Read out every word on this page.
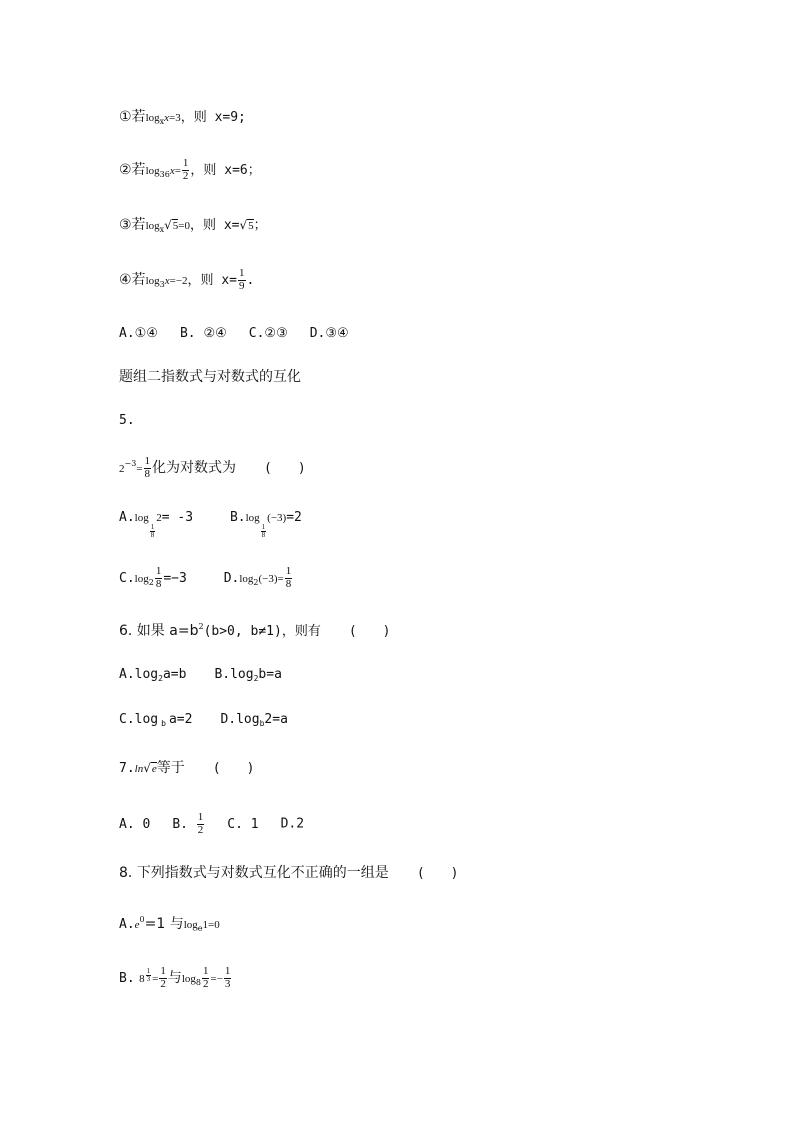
①若$\log_xx=3$，则 x=9;
②若$\log_{36}x= \frac{1}{2}$ ，则 x=6；
③若$\log_x√5=0$，则 x=√5；
④若$\log_3x=-2$，则 $x= \frac{1}{9}$ .
A.①④ B. ②④ C.②③ D.③④
题组二指数式与对数式的互化
5.
$2^{-3}= \frac{1}{8}$ 化为对数式为 (　　)
A.log
$\frac{1}{8}$
2= -3	B.log
$\frac{1}{8}$
(−3)=2
$C.\log_2 \frac{1}{8} =-3$	$D.\log_2(-3)= \frac{1}{8}$
6. 如果 $a=b^2(b>0$, b≠1)，则有 (　　)
$A.\log_2a=b$ $B.\log_2b=a$
C.log $_b$ a=2 $D.\log_b2=a$
7.ln√e等于 (　　)
A. 0 B. $\frac{1}{2} C$. 1 D.2
8. 下列指数式与对数式互化不正确的一组是 (　　)
$A.e^0=1$ 与$\log_e1=0$
B. $8 \frac{1}{3} = \frac{1}{2}$ 与$\log_8 \frac{1}{2} =- \frac{1}{3}$
